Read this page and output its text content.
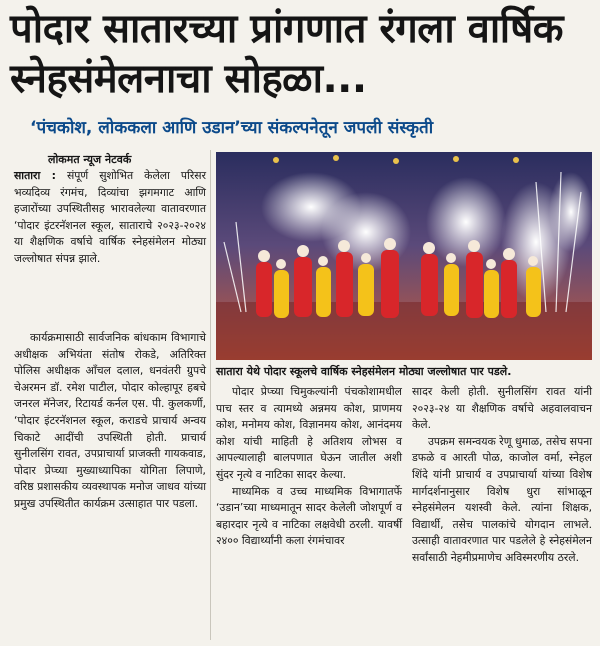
पोदार सातारच्या प्रांगणात रंगला वार्षिक स्नेहसंमेलनाचा सोहळा...
‘पंचकोश, लोककला आणि उडान’च्या संकल्पनेतून जपली संस्कृती

लोकमत न्यूज नेटवर्क

सातारा : संपूर्ण सुशोभित केलेला परिसर भव्यदिव्य रंगमंच, दिव्यांचा झगमगाट आणि हजारोंच्या उपस्थितीसह भारावलेल्या वातावरणात ‘पोदार इंटरनॅशनल स्कूल, साताराचे २०२३-२०२४ या शैक्षणिक वर्षाचे वार्षिक स्नेहसंमेलन मोठ्या जल्लोषात संपन्न झाले.

कार्यक्रमासाठी सार्वजनिक बांधकाम विभागाचे अधीक्षक अभियंता संतोष रोकडे, अतिरिक्त पोलिस अधीक्षक आँचल दलाल, धनवंतरी ग्रुपचे चेअरमन डॉ. रमेश पाटील, पोदार कोल्हापूर हबचे जनरल मॅनेजर, रिटायर्ड कर्नल एस. पी. कुलकर्णी, ‘पोदार इंटरनॅशनल स्कूल, कराडचे प्राचार्य अन्वय चिकाटे आदींची उपस्थिती होती. प्राचार्य सुनीलसिंग रावत, उपप्राचार्या प्राजक्ती गायकवाड, पोदार प्रेप्च्या मुख्याध्यापिका योगिता लिपाणे, वरिष्ठ प्रशासकीय व्यवस्थापक मनोज जाधव यांच्या प्रमुख उपस्थितीत कार्यक्रम उत्साहात पार पडला.

सातारा येथे पोदार स्कूलचे वार्षिक स्नेहसंमेलन मोठ्या जल्लोषात पार पडले.

पोदार प्रेप्च्या चिमुकल्यांनी पंचकोशामधील पाच स्तर व त्यामध्ये अन्नमय कोश, प्राणमय कोश, मनोमय कोश, विज्ञानमय कोश, आनंदमय कोश यांची माहिती हे अतिशय लोभस व आपल्यालाही बालपणात घेऊन जातील अशी सुंदर नृत्ये व नाटिका सादर केल्या.

माध्यमिक व उच्च माध्यमिक विभागातर्फे ‘उडान’च्या माध्यमातून सादर केलेली जोशपूर्ण व बहारदार नृत्ये व नाटिका लक्षवेधी ठरली. यावर्षी २४०० विद्यार्थ्यांनी कला रंगमंचावर

सादर केली होती. सुनीलसिंग रावत यांनी २०२३-२४ या शैक्षणिक वर्षाचे अहवालवाचन केले.

उपक्रम समन्वयक रेणू धुमाळ, तसेच सपना डफळे व आरती पोळ, काजोल वर्मा, स्नेहल शिंदे यांनी प्राचार्य व उपप्राचार्या यांच्या विशेष मार्गदर्शनानुसार विशेष धुरा सांभाळून स्नेहसंमेलन यशस्वी केले. त्यांना शिक्षक, विद्यार्थी, तसेच पालकांचे योगदान लाभले. उत्साही वातावरणात पार पडलेले हे स्नेहसंमेलन सर्वांसाठी नेहमीप्रमाणेच अविस्मरणीय ठरले.
